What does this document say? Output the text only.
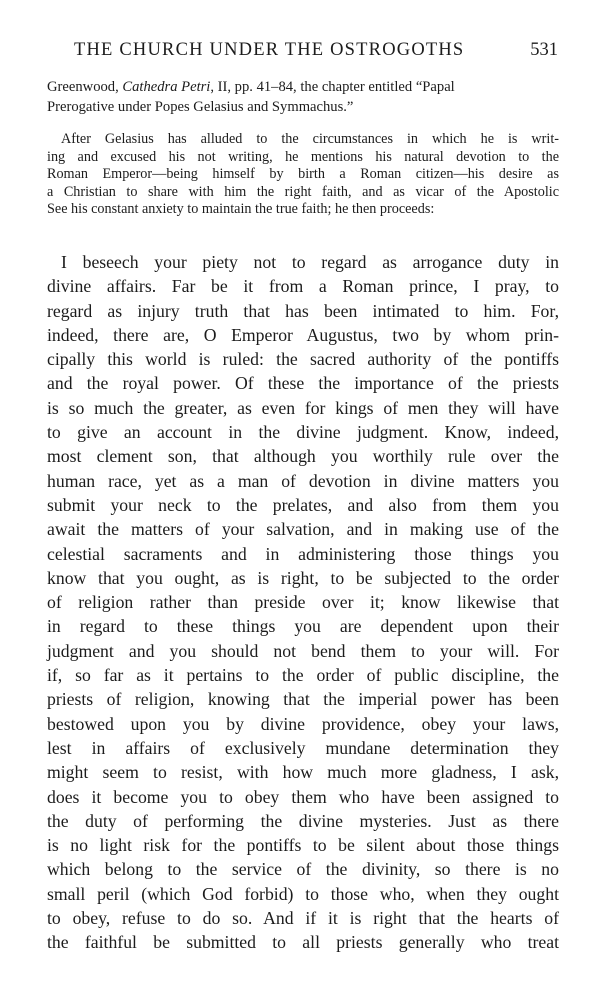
THE CHURCH UNDER THE OSTROGOTHS	531

Greenwood, Cathedra Petri, II, pp. 41–84, the chapter entitled “Papal
Prerogative under Popes Gelasius and Symmachus.”

After Gelasius has alluded to the circumstances in which he is writ-
ing and excused his not writing, he mentions his natural devotion to the
Roman Emperor—being himself by birth a Roman citizen—his desire as
a Christian to share with him the right faith, and as vicar of the Apostolic
See his constant anxiety to maintain the true faith; he then proceeds:

I beseech your piety not to regard as arrogance duty in
divine affairs. Far be it from a Roman prince, I pray, to
regard as injury truth that has been intimated to him. For,
indeed, there are, O Emperor Augustus, two by whom prin-
cipally this world is ruled: the sacred authority of the pontiffs
and the royal power. Of these the importance of the priests
is so much the greater, as even for kings of men they will have
to give an account in the divine judgment. Know, indeed,
most clement son, that although you worthily rule over the
human race, yet as a man of devotion in divine matters you
submit your neck to the prelates, and also from them you
await the matters of your salvation, and in making use of the
celestial sacraments and in administering those things you
know that you ought, as is right, to be subjected to the order
of religion rather than preside over it; know likewise that
in regard to these things you are dependent upon their
judgment and you should not bend them to your will. For
if, so far as it pertains to the order of public discipline, the
priests of religion, knowing that the imperial power has been
bestowed upon you by divine providence, obey your laws,
lest in affairs of exclusively mundane determination they
might seem to resist, with how much more gladness, I ask,
does it become you to obey them who have been assigned to
the duty of performing the divine mysteries. Just as there
is no light risk for the pontiffs to be silent about those things
which belong to the service of the divinity, so there is no
small peril (which God forbid) to those who, when they ought
to obey, refuse to do so. And if it is right that the hearts of
the faithful be submitted to all priests generally who treat
